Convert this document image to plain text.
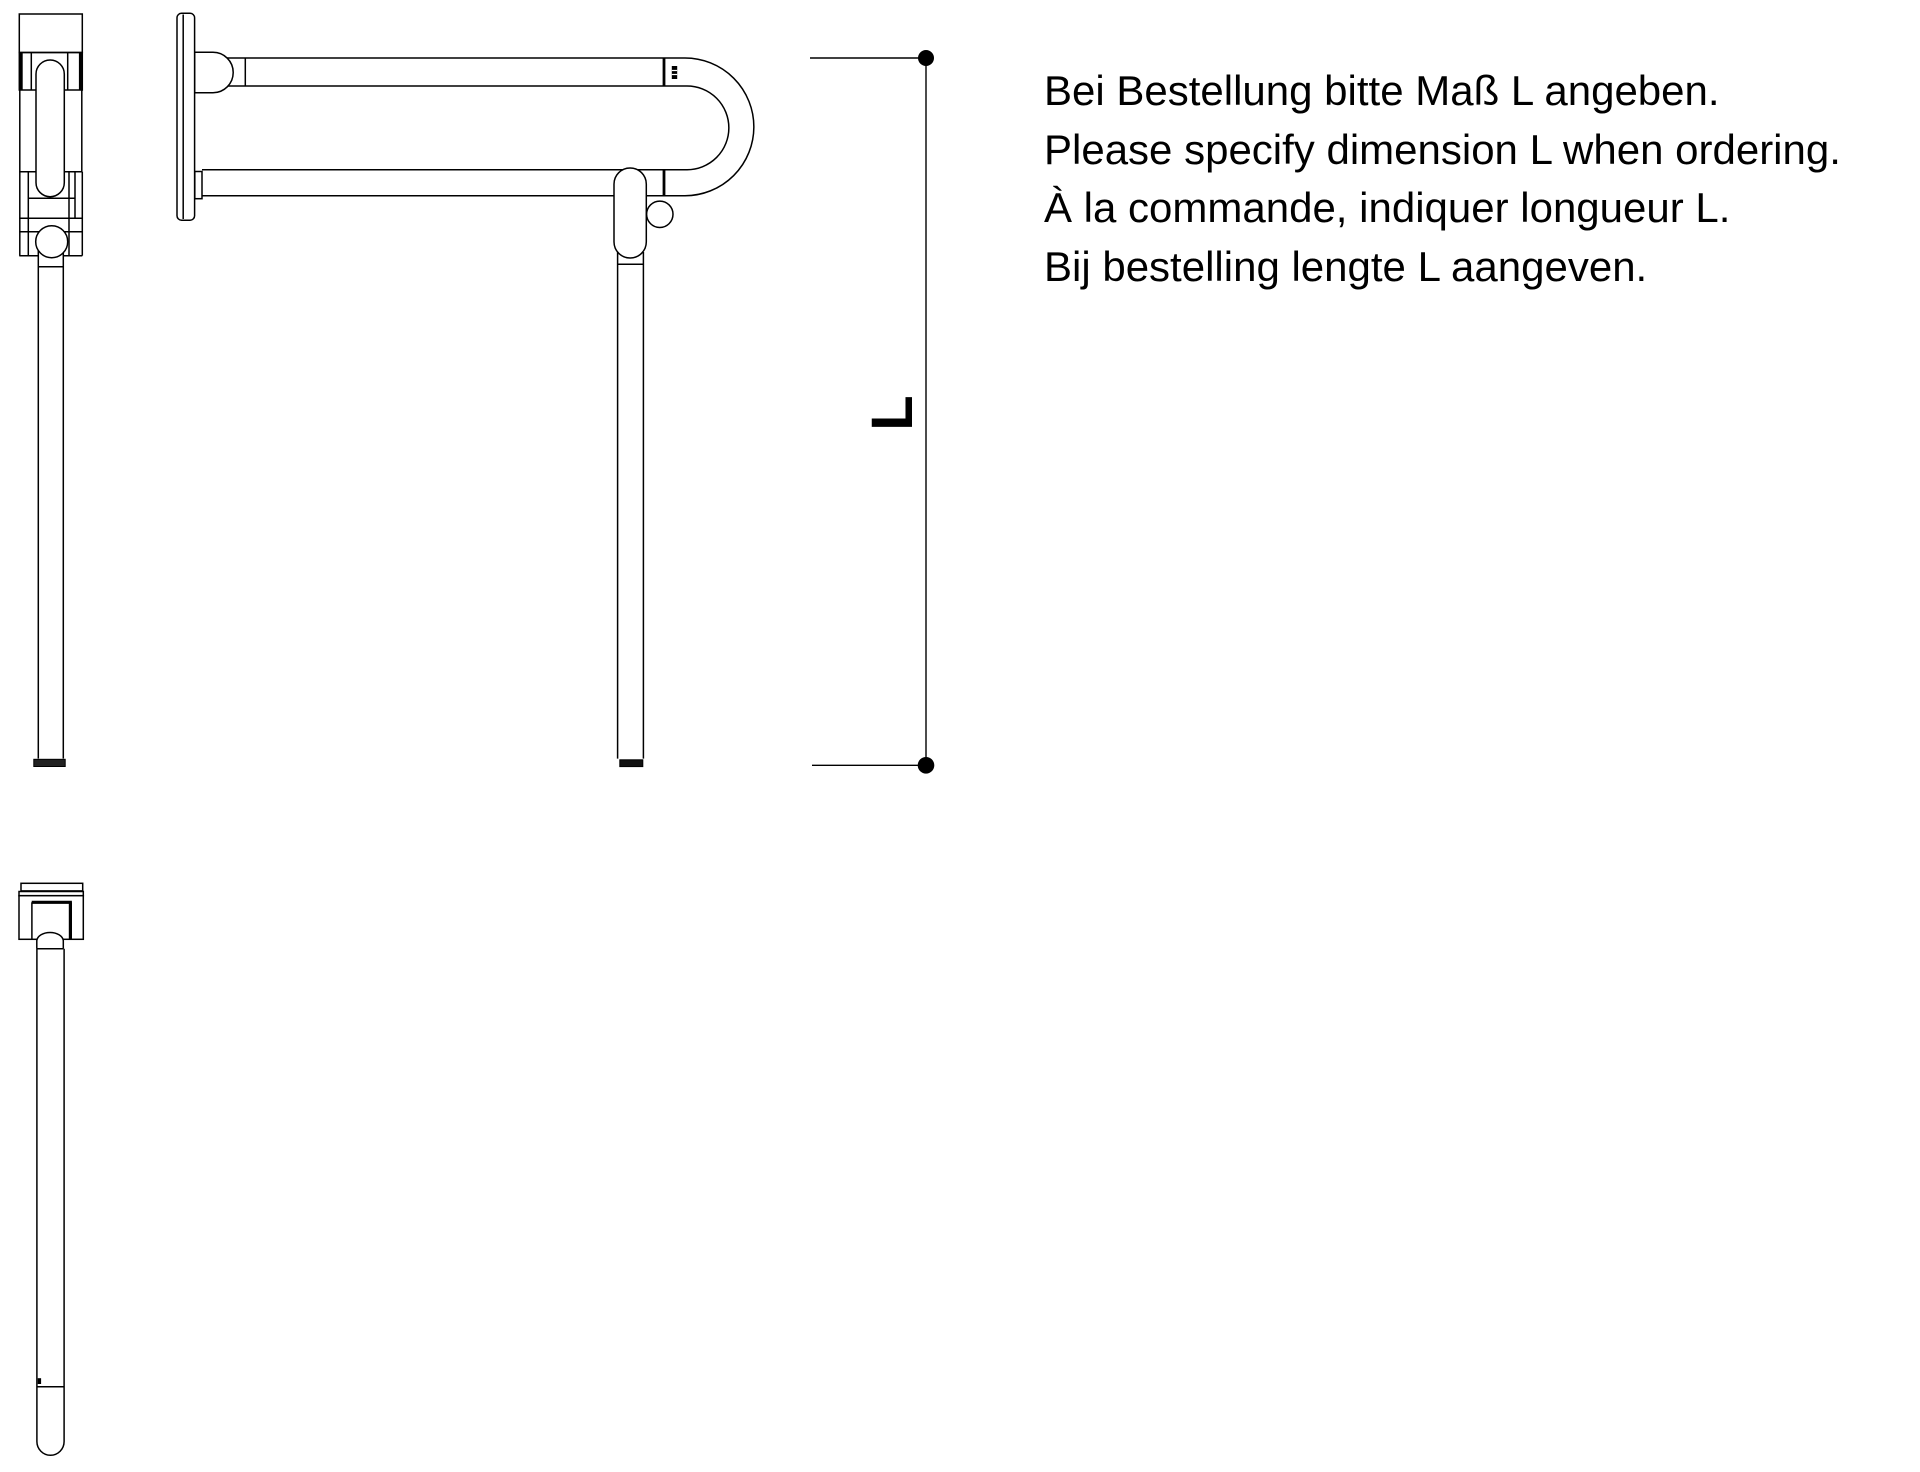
L

Bei Bestellung bitte Maß L angeben.

Please specify dimension L when ordering.

À la commande, indiquer longueur L.

Bij bestelling lengte L aangeven.
